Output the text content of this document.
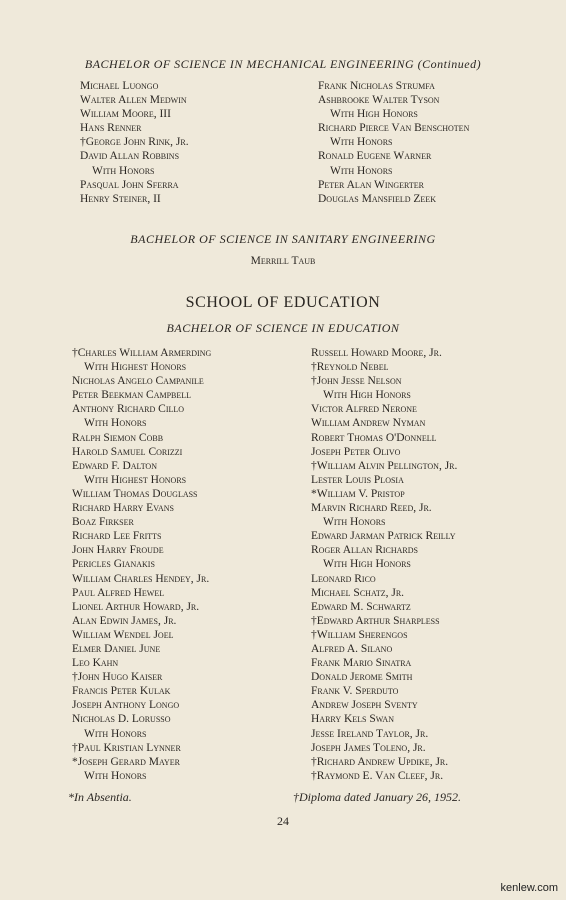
BACHELOR OF SCIENCE IN MECHANICAL ENGINEERING (Continued)
Michael Luongo
Walter Allen Medwin
William Moore, III
Hans Renner
†George John Rink, Jr.
David Allan Robbins
With Honors
Pasqual John Sferra
Henry Steiner, II
Frank Nicholas Strumfa
Ashbrooke Walter Tyson
With High Honors
Richard Pierce Van Benschoten
With Honors
Ronald Eugene Warner
With Honors
Peter Alan Wingerter
Douglas Mansfield Zeek
BACHELOR OF SCIENCE IN SANITARY ENGINEERING
Merrill Taub
SCHOOL OF EDUCATION
BACHELOR OF SCIENCE IN EDUCATION
†Charles William Armerding
With Highest Honors
Nicholas Angelo Campanile
Peter Beekman Campbell
Anthony Richard Cillo
With Honors
Ralph Siemon Cobb
Harold Samuel Corizzi
Edward F. Dalton
With Highest Honors
William Thomas Douglass
Richard Harry Evans
Boaz Firkser
Richard Lee Fritts
John Harry Froude
Pericles Gianakis
William Charles Hendey, Jr.
Paul Alfred Hewel
Lionel Arthur Howard, Jr.
Alan Edwin James, Jr.
William Wendel Joel
Elmer Daniel June
Leo Kahn
†John Hugo Kaiser
Francis Peter Kulak
Joseph Anthony Longo
Nicholas D. Lorusso
With Honors
†Paul Kristian Lynner
*Joseph Gerard Mayer
With Honors
Russell Howard Moore, Jr.
†Reynold Nebel
†John Jesse Nelson
With High Honors
Victor Alfred Nerone
William Andrew Nyman
Robert Thomas O'Donnell
Joseph Peter Olivo
†William Alvin Pellington, Jr.
Lester Louis Plosia
*William V. Pristop
Marvin Richard Reed, Jr.
With Honors
Edward Jarman Patrick Reilly
Roger Allan Richards
With High Honors
Leonard Rico
Michael Schatz, Jr.
Edward M. Schwartz
†Edward Arthur Sharpless
†William Sherengos
Alfred A. Silano
Frank Mario Sinatra
Donald Jerome Smith
Frank V. Sperduto
Andrew Joseph Sventy
Harry Kels Swan
Jesse Ireland Taylor, Jr.
Joseph James Toleno, Jr.
†Richard Andrew Updike, Jr.
†Raymond E. Van Cleef, Jr.
*In Absentia.	†Diploma dated January 26, 1952.
24
kenlew.com
